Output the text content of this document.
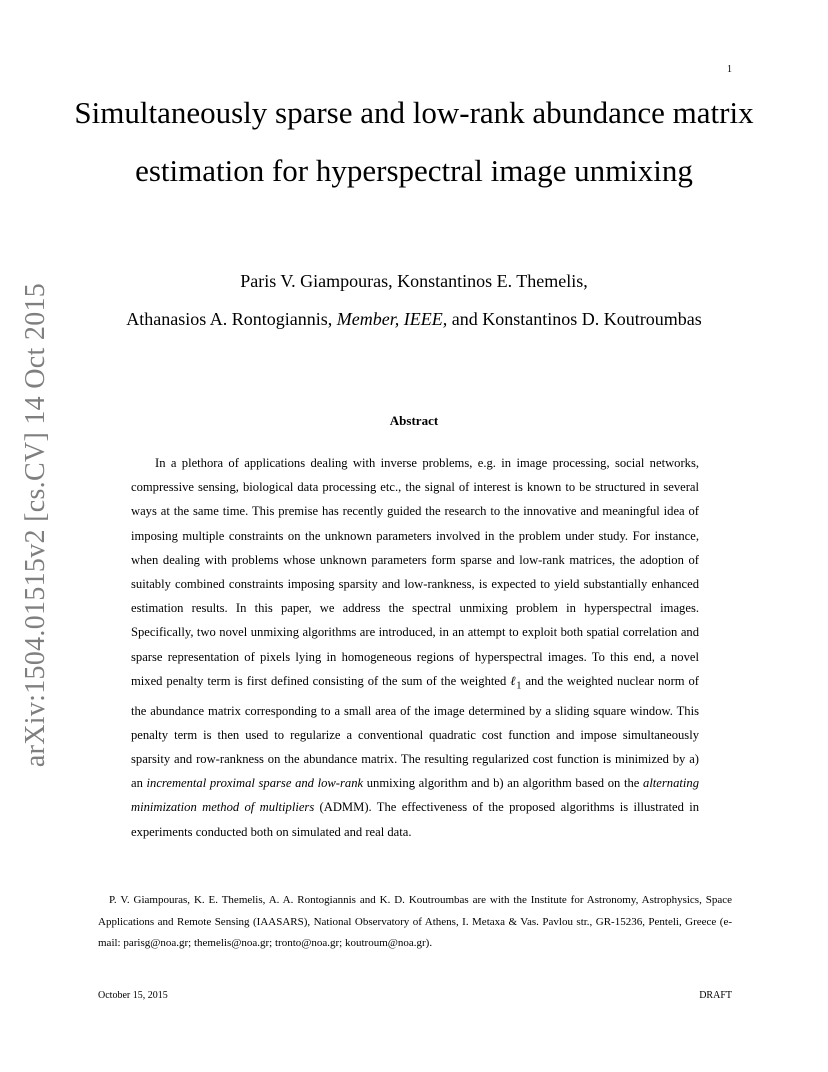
1
arXiv:1504.01515v2 [cs.CV] 14 Oct 2015
Simultaneously sparse and low-rank abundance matrix estimation for hyperspectral image unmixing
Paris V. Giampouras, Konstantinos E. Themelis,
Athanasios A. Rontogiannis, Member, IEEE, and Konstantinos D. Koutroumbas
Abstract

In a plethora of applications dealing with inverse problems, e.g. in image processing, social networks, compressive sensing, biological data processing etc., the signal of interest is known to be structured in several ways at the same time. This premise has recently guided the research to the innovative and meaningful idea of imposing multiple constraints on the unknown parameters involved in the problem under study. For instance, when dealing with problems whose unknown parameters form sparse and low-rank matrices, the adoption of suitably combined constraints imposing sparsity and low-rankness, is expected to yield substantially enhanced estimation results. In this paper, we address the spectral unmixing problem in hyperspectral images. Specifically, two novel unmixing algorithms are introduced, in an attempt to exploit both spatial correlation and sparse representation of pixels lying in homogeneous regions of hyperspectral images. To this end, a novel mixed penalty term is first defined consisting of the sum of the weighted ℓ$_1$ and the weighted nuclear norm of the abundance matrix corresponding to a small area of the image determined by a sliding square window. This penalty term is then used to regularize a conventional quadratic cost function and impose simultaneously sparsity and row-rankness on the abundance matrix. The resulting regularized cost function is minimized by a) an incremental proximal sparse and low-rank unmixing algorithm and b) an algorithm based on the alternating minimization method of multipliers (ADMM). The effectiveness of the proposed algorithms is illustrated in experiments conducted both on simulated and real data.

P. V. Giampouras, K. E. Themelis, A. A. Rontogiannis and K. D. Koutroumbas are with the Institute for Astronomy, Astrophysics, Space Applications and Remote Sensing (IAASARS), National Observatory of Athens, I. Metaxa & Vas. Pavlou str., GR-15236, Penteli, Greece (e-mail: parisg@noa.gr; themelis@noa.gr; tronto@noa.gr; koutroum@noa.gr).

October 15, 2015	DRAFT
